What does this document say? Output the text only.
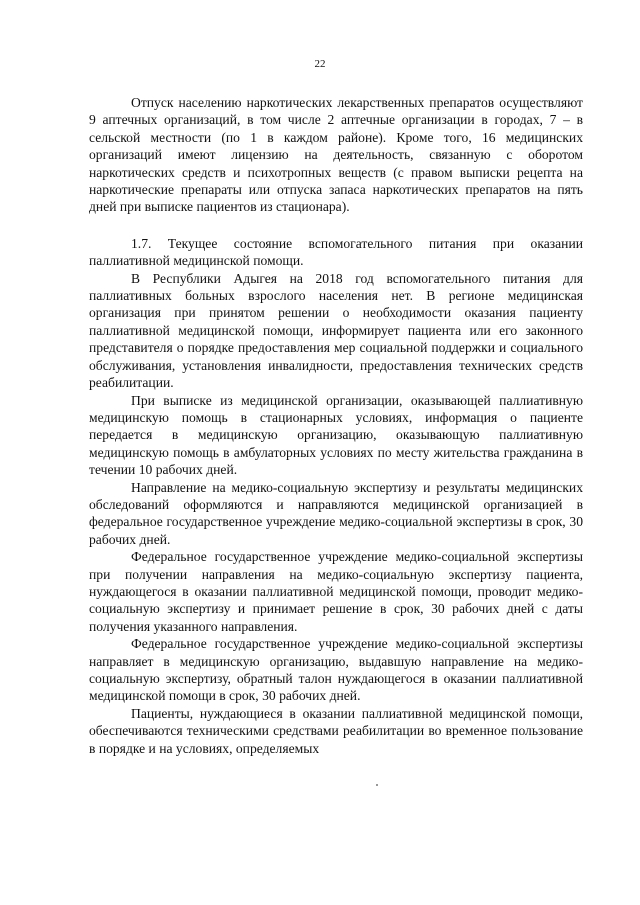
22

Отпуск населению наркотических лекарственных препаратов осуществляют 9 аптечных организаций, в том числе 2 аптечные организации в городах, 7 – в сельской местности (по 1 в каждом районе). Кроме того, 16 медицинских организаций имеют лицензию на деятельность, связанную с оборотом наркотических средств и психотропных веществ (с правом выписки рецепта на наркотические препараты или отпуска запаса наркотических препаратов на пять дней при выписке пациентов из стационара).

1.7. Текущее состояние вспомогательного питания при оказании паллиативной медицинской помощи.

В Республики Адыгея на 2018 год вспомогательного питания для паллиативных больных взрослого населения нет. В регионе медицинская организация при принятом решении о необходимости оказания пациенту паллиативной медицинской помощи, информирует пациента или его законного представителя о порядке предоставления мер социальной поддержки и социального обслуживания, установления инвалидности, предоставления технических средств реабилитации.

При выписке из медицинской организации, оказывающей паллиативную медицинскую помощь в стационарных условиях, информация о пациенте передается в медицинскую организацию, оказывающую паллиативную медицинскую помощь в амбулаторных условиях по месту жительства гражданина в течении 10 рабочих дней.

Направление на медико-социальную экспертизу и результаты медицинских обследований оформляются и направляются медицинской организацией в федеральное государственное учреждение медико-социальной экспертизы в срок, 30 рабочих дней.

Федеральное государственное учреждение медико-социальной экспертизы при получении направления на медико-социальную экспертизу пациента, нуждающегося в оказании паллиативной медицинской помощи, проводит медико-социальную экспертизу и принимает решение в срок, 30 рабочих дней с даты получения указанного направления.

Федеральное государственное учреждение медико-социальной экспертизы направляет в медицинскую организацию, выдавшую направление на медико-социальную экспертизу, обратный талон нуждающегося в оказании паллиативной медицинской помощи в срок, 30 рабочих дней.

Пациенты, нуждающиеся в оказании паллиативной медицинской помощи, обеспечиваются техническими средствами реабилитации во временное пользование в порядке и на условиях, определяемых
